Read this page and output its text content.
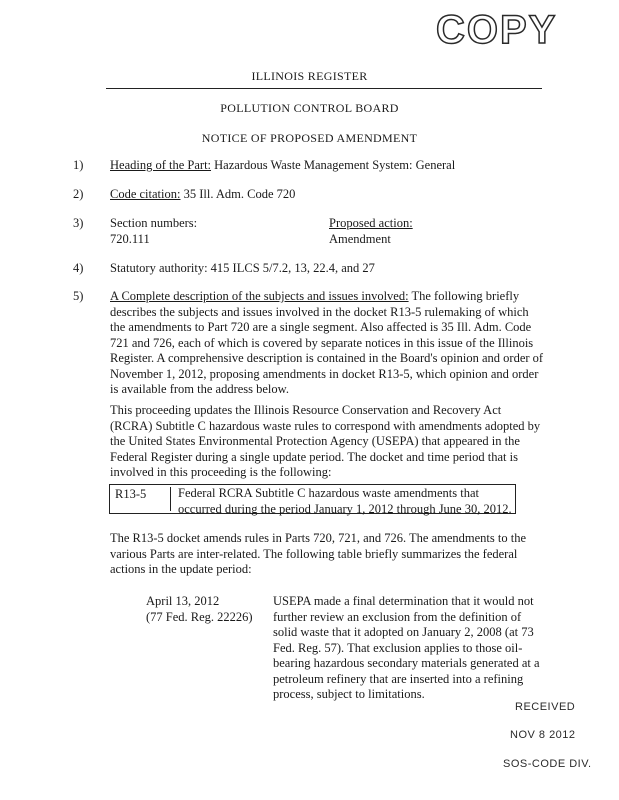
COPY
ILLINOIS REGISTER
POLLUTION CONTROL BOARD
NOTICE OF PROPOSED AMENDMENT
1) Heading of the Part: Hazardous Waste Management System: General
2) Code citation: 35 Ill. Adm. Code 720
3) Section numbers:
720.111
Proposed action:
Amendment
4) Statutory authority: 415 ILCS 5/7.2, 13, 22.4, and 27
5) A Complete description of the subjects and issues involved: The following briefly describes the subjects and issues involved in the docket R13-5 rulemaking of which the amendments to Part 720 are a single segment. Also affected is 35 Ill. Adm. Code 721 and 726, each of which is covered by separate notices in this issue of the Illinois Register. A comprehensive description is contained in the Board's opinion and order of November 1, 2012, proposing amendments in docket R13-5, which opinion and order is available from the address below.

This proceeding updates the Illinois Resource Conservation and Recovery Act (RCRA) Subtitle C hazardous waste rules to correspond with amendments adopted by the United States Environmental Protection Agency (USEPA) that appeared in the Federal Register during a single update period. The docket and time period that is involved in this proceeding is the following:

R13-5	Federal RCRA Subtitle C hazardous waste amendments that occurred during the period January 1, 2012 through June 30, 2012.

The R13-5 docket amends rules in Parts 720, 721, and 726. The amendments to the various Parts are inter-related. The following table briefly summarizes the federal actions in the update period:

April 13, 2012
(77 Fed. Reg. 22226)
USEPA made a final determination that it would not further review an exclusion from the definition of solid waste that it adopted on January 2, 2008 (at 73 Fed. Reg. 57). That exclusion applies to those oil-bearing hazardous secondary materials generated at a petroleum refinery that are inserted into a refining process, subject to limitations.
RECEIVED
NOV 8 2012
SOS-CODE DIV.
